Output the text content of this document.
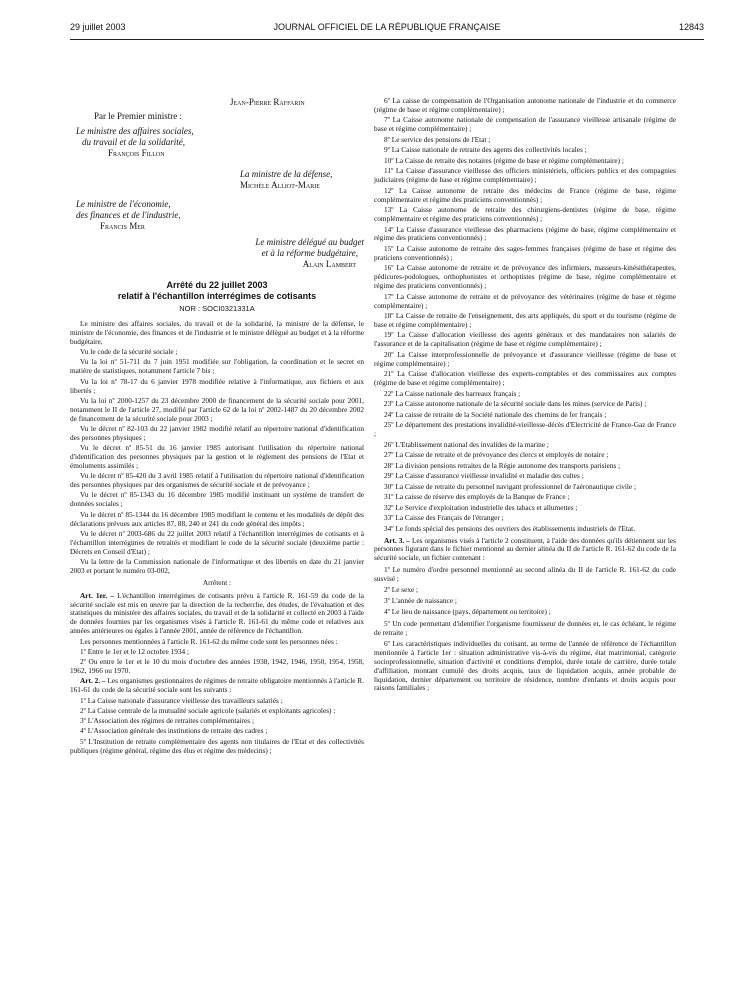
29 juillet 2003	JOURNAL OFFICIEL DE LA RÉPUBLIQUE FRANÇAISE	12843
Jean-Pierre Raffarin
Par le Premier ministre :
Le ministre des affaires sociales,
du travail et de la solidarité,
François Fillon
La ministre de la défense,
Michèle Alliot-Marie
Le ministre de l'économie,
des finances et de l'industrie,
Francis Mer
Le ministre délégué au budget
et à la réforme budgétaire,
Alain Lambert
Arrêté du 22 juillet 2003
relatif à l'échantillon interrégimes de cotisants
NOR : SOCI0321331A
Le ministre des affaires sociales, du travail et de la solidarité, la ministre de la défense, le ministre de l'économie, des finances et de l'industrie et le ministre délégué au budget et à la réforme budgétaire,
Vu le code de la sécurité sociale ;
Vu la loi nº 51-711 du 7 juin 1951 modifiée sur l'obligation, la coordination et le secret en matière de statistiques, notamment l'article 7 bis ;
Vu la loi nº 78-17 du 6 janvier 1978 modifiée relative à l'informatique, aux fichiers et aux libertés ;
Vu la loi nº 2000-1257 du 23 décembre 2000 de financement de la sécurité sociale pour 2001, notamment le II de l'article 27, modifié par l'article 62 de la loi nº 2002-1487 du 20 décembre 2002 de financement de la sécurité sociale pour 2003 ;
Vu le décret nº 82-103 du 22 janvier 1982 modifié relatif au répertoire national d'identification des personnes physiques ;
Vu le décret nº 85-51 du 16 janvier 1985 autorisant l'utilisation du répertoire national d'identification des personnes physiques par la gestion et le règlement des pensions de l'Etat et émoluments assimilés ;
Vu le décret nº 85-420 du 3 avril 1985 relatif à l'utilisation du répertoire national d'identification des personnes physiques par des organismes de sécurité sociale et de prévoyance ;
Vu le décret nº 85-1343 du 16 décembre 1985 modifié instituant un système de transfert de données sociales ;
Vu le décret nº 85-1344 du 16 décembre 1985 modifiant le contenu et les modalités de dépôt des déclarations prévues aux articles 87, 88, 240 et 241 du code général des impôts ;
Vu le décret nº 2003-686 du 22 juillet 2003 relatif à l'échantillon interrégimes de cotisants et à l'échantillon interrégimes de retraités et modifiant le code de la sécurité sociale (deuxième partie : Décrets en Conseil d'Etat) ;
Vu la lettre de la Commission nationale de l'informatique et des libertés en date du 21 janvier 2003 et portant le numéro 03-002,
Arrêtent :
Art. 1er. – L'échantillon interrégimes de cotisants prévu à l'article R. 161-59 du code de la sécurité sociale est mis en œuvre par la direction de la recherche, des études, de l'évaluation et des statistiques du ministère des affaires sociales, du travail et de la solidarité et collecté en 2003 à l'aide de données fournies par les organismes visés à l'article R. 161-61 du même code et relatives aux années antérieures ou égales à l'année 2001, année de référence de l'échantillon.
Les personnes mentionnées à l'article R. 161-62 du même code sont les personnes nées :
1º Entre le 1er et le 12 octobre 1934 ;
2º Ou entre le 1er et le 10 du mois d'octobre des années 1938, 1942, 1946, 1950, 1954, 1958, 1962, 1966 ou 1970.
Art. 2. – Les organismes gestionnaires de régimes de retraite obligatoire mentionnés à l'article R. 161-61 du code de la sécurité sociale sont les suivants :
1º La Caisse nationale d'assurance vieillesse des travailleurs salariés ;
2º La Caisse centrale de la mutualité sociale agricole (salariés et exploitants agricoles) ;
3º L'Association des régimes de retraites complémentaires ;
4º L'Association générale des institutions de retraite des cadres ;
5º L'Institution de retraite complémentaire des agents non titulaires de l'Etat et des collectivités publiques (régime général, régime des élus et régime des médecins) ;
6º La caisse de compensation de l'Organisation autonome nationale de l'industrie et du commerce (régime de base et régime complémentaire) ;
7º La Caisse autonome nationale de compensation de l'assurance vieillesse artisanale (régime de base et régime complémentaire) ;
8º Le service des pensions de l'Etat ;
9º La Caisse nationale de retraite des agents des collectivités locales ;
10º La Caisse de retraite des notaires (régime de base et régime complémentaire) ;
11º La Caisse d'assurance vieillesse des officiers ministériels, officiers publics et des compagnies judiciaires (régime de base et régime complémentaire) ;
12º La Caisse autonome de retraite des médecins de France (régime de base, régime complémentaire et régime des praticiens conventionnés) ;
13º La Caisse autonome de retraite des chirurgiens-dentistes (régime de base, régime complémentaire et régime des praticiens conventionnés) ;
14º La Caisse d'assurance vieillesse des pharmaciens (régime de base, régime complémentaire et régime des praticiens conventionnés) ;
15º La Caisse autonome de retraite des sages-femmes françaises (régime de base et régime des praticiens conventionnés) ;
16º La Caisse autonome de retraite et de prévoyance des infirmiers, masseurs-kinésithérapeutes, pédicures-podologues, orthophonistes et orthoptistes (régime de base, régime complémentaire et régime des praticiens conventionnés) ;
17º La Caisse autonome de retraite et de prévoyance des vétérinaires (régime de base et régime complémentaire) ;
18º La Caisse de retraite de l'enseignement, des arts appliqués, du sport et du tourisme (régime de base et régime complémentaire) ;
19º La Caisse d'allocation vieillesse des agents généraux et des mandataires non salariés de l'assurance et de la capitalisation (régime de base et régime complémentaire) ;
20º La Caisse interprofessionnelle de prévoyance et d'assurance vieillesse (régime de base et régime complémentaire) ;
21º La Caisse d'allocation vieillesse des experts-comptables et des commissaires aux comptes (régime de base et régime complémentaire) ;
22º La Caisse nationale des barreaux français ;
23º La Caisse autonome nationale de la sécurité sociale dans les mines (service de Paris) ;
24º La caisse de retraite de la Société nationale des chemins de fer français ;
25º Le département des prestations invalidité-vieillesse-décès d'Electricité de France-Gaz de France ;
26º L'Etablissement national des invalides de la marine ;
27º La Caisse de retraite et de prévoyance des clercs et employés de notaire ;
28º La division pensions retraites de la Régie autonome des transports parisiens ;
29º La Caisse d'assurance vieillesse invalidité et maladie des cultes ;
30º La Caisse de retraite du personnel navigant professionnel de l'aéronautique civile ;
31º La caisse de réserve des employés de la Banque de France ;
32º Le Service d'exploitation industrielle des tabacs et allumettes ;
33º La Caisse des Français de l'étranger ;
34º Le fonds spécial des pensions des ouvriers des établissements industriels de l'Etat.
Art. 3. – Les organismes visés à l'article 2 constituent, à l'aide des données qu'ils détiennent sur les personnes figurant dans le fichier mentionné au dernier alinéa du II de l'article R. 161-62 du code de la sécurité sociale, un fichier contenant :
1º Le numéro d'ordre personnel mentionné au second alinéa du II de l'article R. 161-62 du code susvisé ;
2º Le sexe ;
3º L'année de naissance ;
4º Le lieu de naissance (pays, département ou territoire) ;
5º Un code permettant d'identifier l'organisme fournisseur de données et, le cas échéant, le régime de retraite ;
6º Les caractéristiques individuelles du cotisant, au terme de l'année de référence de l'échantillon mentionnée à l'article 1er : situation administrative vis-à-vis du régime, état matrimonial, catégorie socioprofessionnelle, situation d'activité et conditions d'emploi, durée totale de carrière, durée totale d'affiliation, montant cumulé des droits acquis, taux de liquidation acquis, année probable de liquidation, dernier département ou territoire de résidence, nombre d'enfants et droits acquis pour raisons familiales ;
